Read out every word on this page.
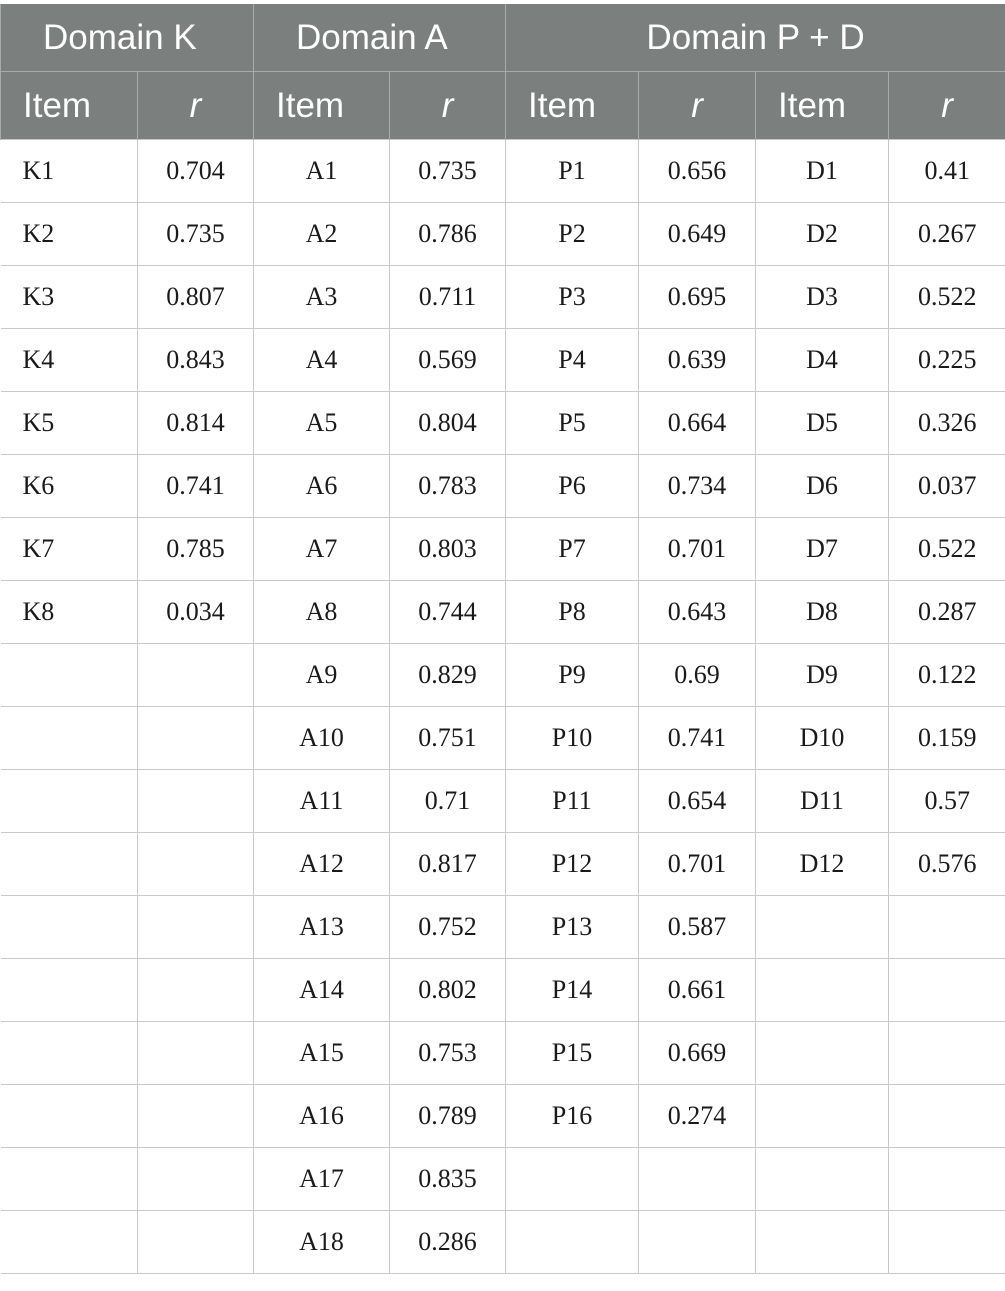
Domain K		Domain A		Domain P + D			
Item	r	Item	r	Item	r	Item	r
K1	0.704	A1	0.735	P1	0.656	D1	0.41
K2	0.735	A2	0.786	P2	0.649	D2	0.267
K3	0.807	A3	0.711	P3	0.695	D3	0.522
K4	0.843	A4	0.569	P4	0.639	D4	0.225
K5	0.814	A5	0.804	P5	0.664	D5	0.326
K6	0.741	A6	0.783	P6	0.734	D6	0.037
K7	0.785	A7	0.803	P7	0.701	D7	0.522
K8	0.034	A8	0.744	P8	0.643	D8	0.287
		A9	0.829	P9	0.69	D9	0.122
		A10	0.751	P10	0.741	D10	0.159
		A11	0.71	P11	0.654	D11	0.57
		A12	0.817	P12	0.701	D12	0.576
		A13	0.752	P13	0.587		
		A14	0.802	P14	0.661		
		A15	0.753	P15	0.669		
		A16	0.789	P16	0.274		
		A17	0.835				
		A18	0.286				
